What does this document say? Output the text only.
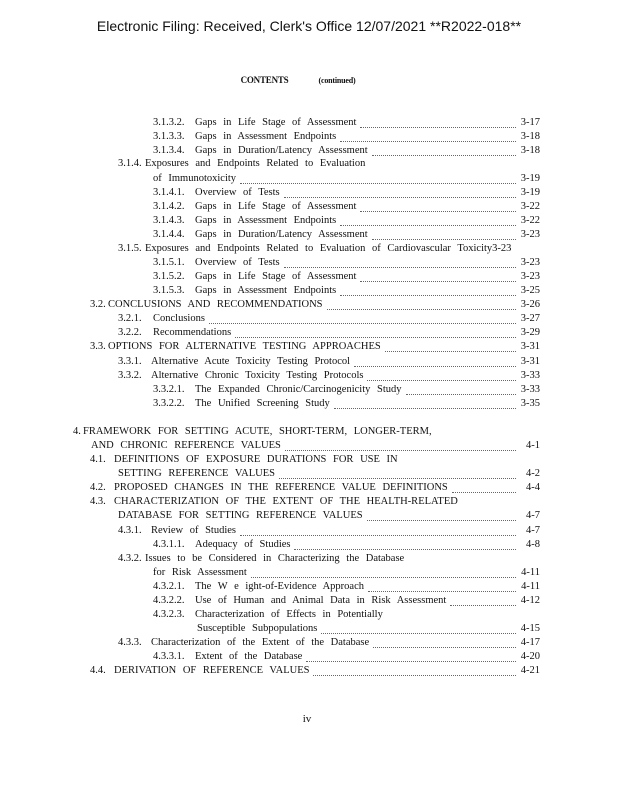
Electronic Filing: Received, Clerk's Office 12/07/2021 **R2022-018**
CONTENTS	(continued)
3.1.3.2.	Gaps in Life Stage of Assessment	3-17
3.1.3.3.	Gaps in Assessment Endpoints	3-18
3.1.3.4.	Gaps in Duration/Latency Assessment	3-18
3.1.4. Exposures and Endpoints Related to Evaluation
of Immunotoxicity	3-19
3.1.4.1.	Overview of Tests	3-19
3.1.4.2.	Gaps in Life Stage of Assessment	3-22
3.1.4.3.	Gaps in Assessment Endpoints	3-22
3.1.4.4.	Gaps in Duration/Latency Assessment	3-23
3.1.5. Exposures and Endpoints Related to Evaluation of Cardiovascular Toxicity3-23
3.1.5.1.	Overview of Tests	3-23
3.1.5.2.	Gaps in Life Stage of Assessment	3-23
3.1.5.3.	Gaps in Assessment Endpoints	3-25
3.2. CONCLUSIONS AND RECOMMENDATIONS	3-26
3.2.1.	Conclusions	3-27
3.2.2.	Recommendations	3-29
3.3. OPTIONS FOR ALTERNATIVE TESTING APPROACHES	3-31
3.3.1. Alternative Acute Toxicity Testing Protocol	3-31
3.3.2. Alternative Chronic Toxicity Testing Protocols	3-33
3.3.2.1.	The Expanded Chronic/Carcinogenicity Study	3-33
3.3.2.2.	The Unified Screening Study	3-35
4. FRAMEWORK FOR SETTING ACUTE, SHORT-TERM, LONGER-TERM,
AND CHRONIC REFERENCE VALUES	4-1
4.1. DEFINITIONS OF EXPOSURE DURATIONS FOR USE IN
SETTING REFERENCE VALUES	4-2
4.2. PROPOSED CHANGES IN THE REFERENCE VALUE DEFINITIONS	4-4
4.3. CHARACTERIZATION OF THE EXTENT OF THE HEALTH-RELATED
DATABASE FOR SETTING REFERENCE VALUES	4-7
4.3.1. Review of Studies	4-7
4.3.1.1.	Adequacy of Studies	4-8
4.3.2. Issues to be Considered in Characterizing the Database
for Risk Assessment	4-11
4.3.2.1.	The W e ight-of-Evidence Approach	4-11
4.3.2.2.	Use of Human and Animal Data in Risk Assessment	4-12
4.3.2.3.	Characterization of Effects in Potentially
Susceptible Subpopulations	4-15
4.3.3. Characterization of the Extent of the Database	4-17
4.3.3.1.	Extent of the Database	4-20
4.4. DERIVATION OF REFERENCE VALUES	4-21
iv
